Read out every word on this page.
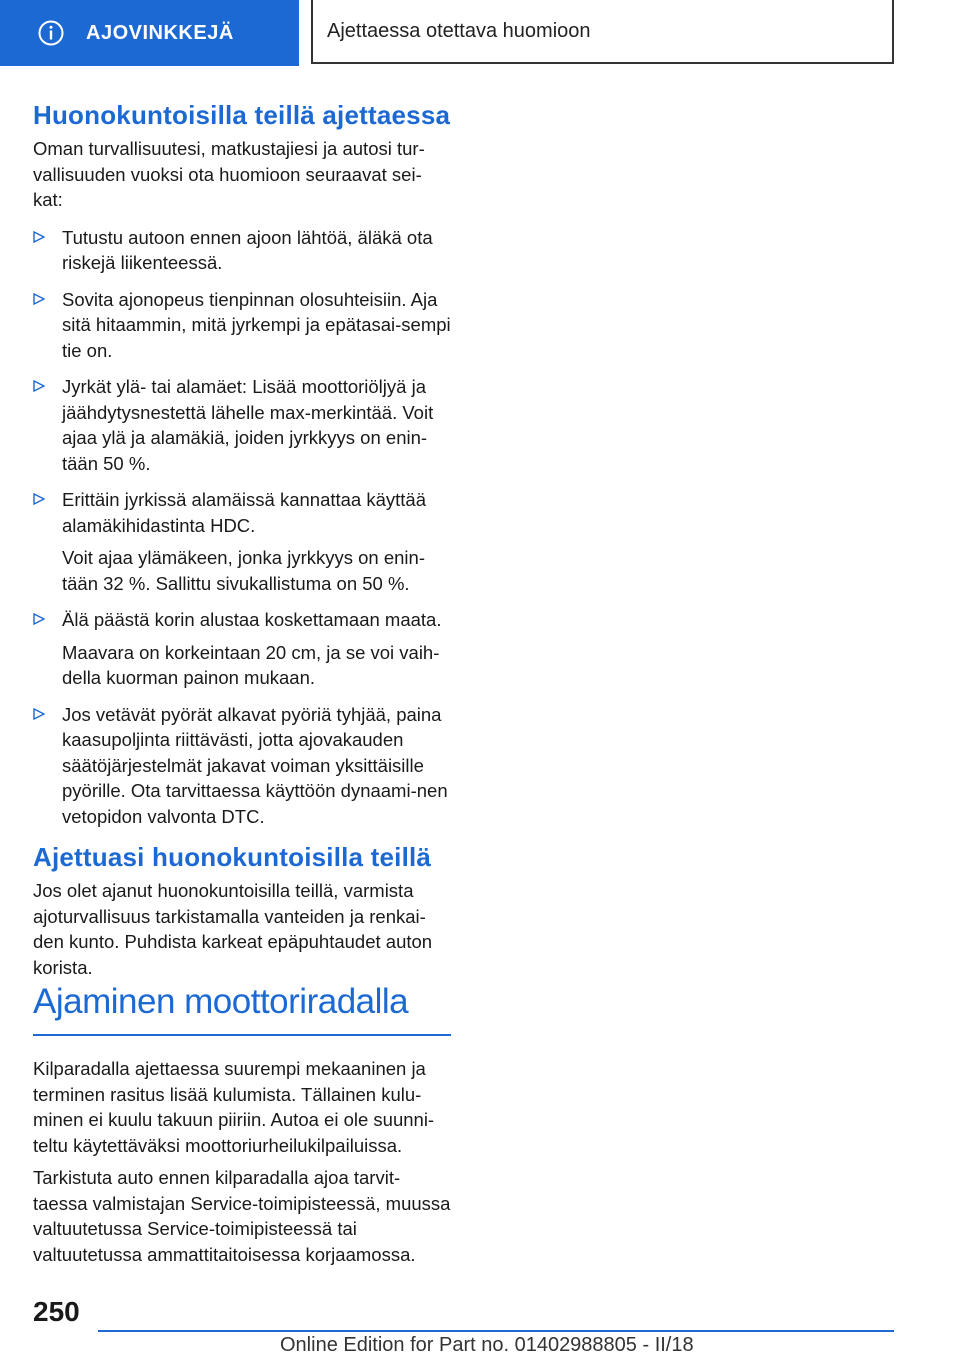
AJOVINKKEJÄ	Ajettaessa otettava huomioon
Huonokuntoisilla teillä ajettaessa

Oman turvallisuutesi, matkustajiesi ja autosi tur-vallisuuden vuoksi ota huomioon seuraavat sei-kat:

Tutustu autoon ennen ajoon lähtöä, äläkä ota riskejä liikenteessä.

Sovita ajonopeus tienpinnan olosuhteisiin. Aja sitä hitaammin, mitä jyrkempi ja epätasai-sempi tie on.

Jyrkät ylä- tai alamäet: Lisää moottoriöljyä ja jäähdytysnestettä lähelle max-merkintää. Voit ajaa ylä ja alamäkiä, joiden jyrkkyys on enin-tään 50 %.

Erittäin jyrkissä alamäissä kannattaa käyttää alamäkihidastinta HDC.

Voit ajaa ylämäkeen, jonka jyrkkyys on enin-tään 32 %. Sallittu sivukallistuma on 50 %.

Älä päästä korin alustaa koskettamaan maata.

Maavara on korkeintaan 20 cm, ja se voi vaih-della kuorman painon mukaan.

Jos vetävät pyörät alkavat pyöriä tyhjää, paina kaasupoljinta riittävästi, jotta ajovakauden säätöjärjestelmät jakavat voiman yksittäisille pyörille. Ota tarvittaessa käyttöön dynaami-nen vetopidon valvonta DTC.

Ajettuasi huonokuntoisilla teillä

Jos olet ajanut huonokuntoisilla teillä, varmista ajoturvallisuus tarkistamalla vanteiden ja renkai-den kunto. Puhdista karkeat epäpuhtaudet auton korista.

Ajaminen moottoriradalla

Kilparadalla ajettaessa suurempi mekaaninen ja terminen rasitus lisää kulumista. Tällainen kulu-minen ei kuulu takuun piiriin. Autoa ei ole suunni-teltu käytettäväksi moottoriurheilukilpailuissa.

Tarkistuta auto ennen kilparadalla ajoa tarvit-taessa valmistajan Service-toimipisteessä, muussa valtuutetussa Service-toimipisteessä tai valtuutetussa ammattitaitoisessa korjaamossa.

250
Online Edition for Part no. 01402988805 - II/18
